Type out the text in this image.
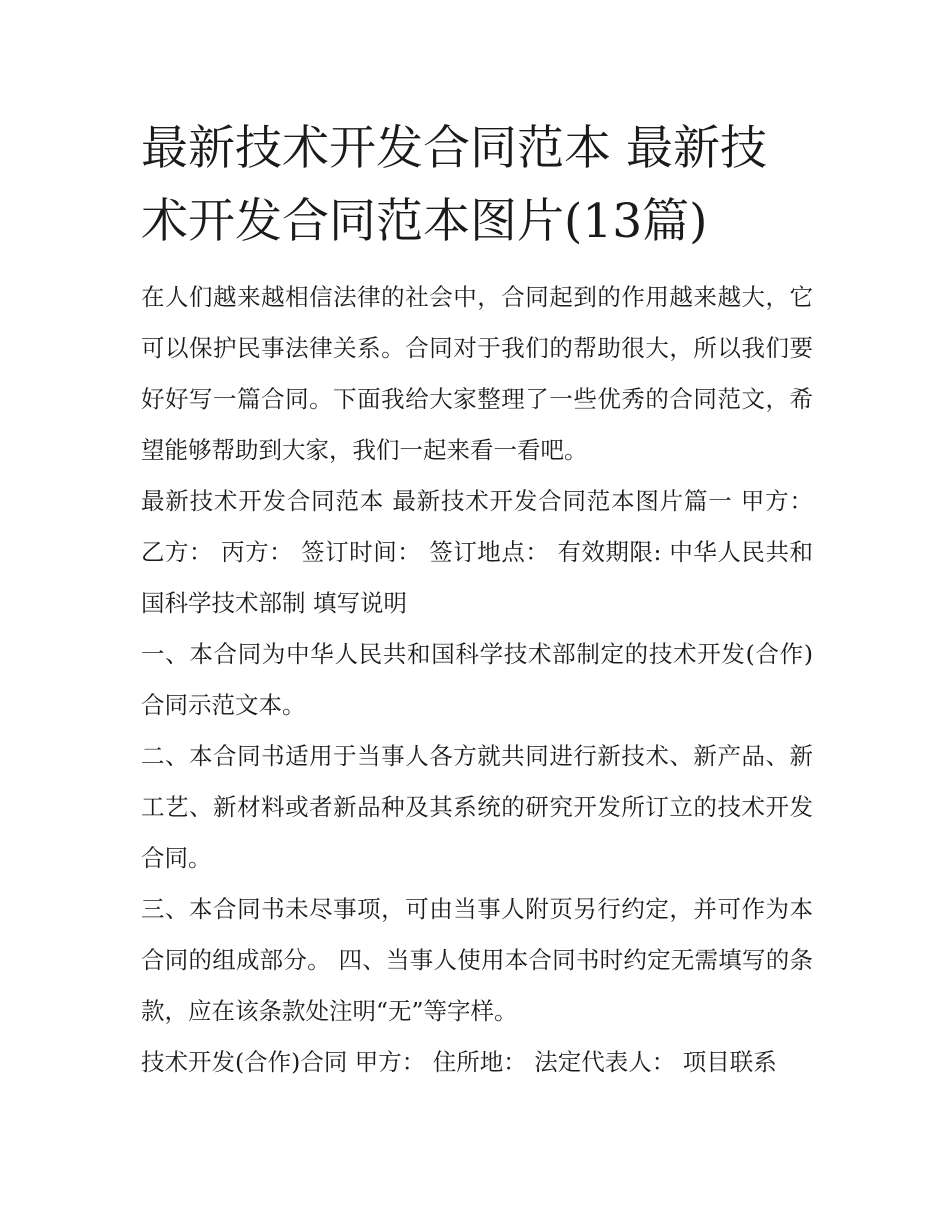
最新技术开发合同范本 最新技术开发合同范本图片(13篇)

在人们越来越相信法律的社会中，合同起到的作用越来越大，它可以保护民事法律关系。合同对于我们的帮助很大，所以我们要好好写一篇合同。下面我给大家整理了一些优秀的合同范文，希望能够帮助到大家，我们一起来看一看吧。

最新技术开发合同范本 最新技术开发合同范本图片篇一 甲方： 乙方： 丙方： 签订时间： 签订地点： 有效期限: 中华人民共和国科学技术部制 填写说明

一、本合同为中华人民共和国科学技术部制定的技术开发(合作)合同示范文本。

二、本合同书适用于当事人各方就共同进行新技术、新产品、新工艺、新材料或者新品种及其系统的研究开发所订立的技术开发合同。

三、本合同书未尽事项，可由当事人附页另行约定，并可作为本合同的组成部分。 四、当事人使用本合同书时约定无需填写的条款，应在该条款处注明“无”等字样。

技术开发(合作)合同 甲方： 住所地： 法定代表人： 项目联系
